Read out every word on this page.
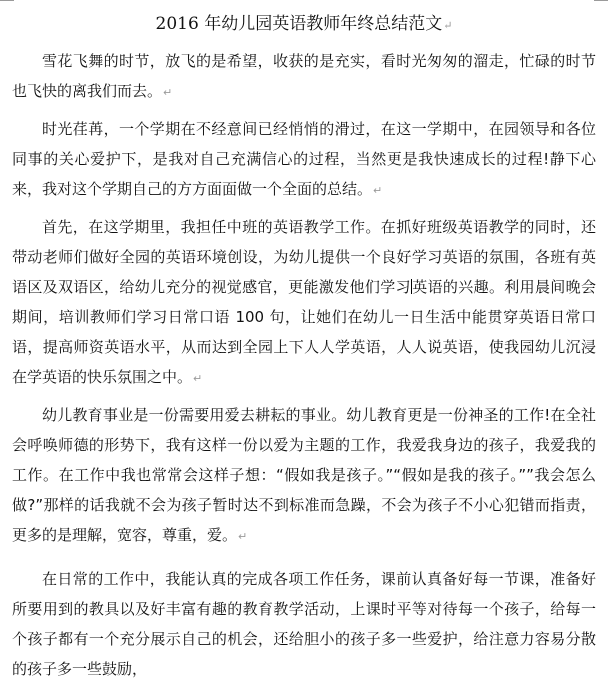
2016 年幼儿园英语教师年终总结范文↵

雪花飞舞的时节，放飞的是希望，收获的是充实，看时光匆匆的溜走，忙碌的时节也飞快的离我们而去。↵

时光荏苒，一个学期在不经意间已经悄悄的滑过，在这一学期中，在园领导和各位同事的关心爱护下，是我对自己充满信心的过程，当然更是我快速成长的过程!静下心来，我对这个学期自己的方方面面做一个全面的总结。↵

首先，在这学期里，我担任中班的英语教学工作。在抓好班级英语教学的同时，还带动老师们做好全园的英语环境创设，为幼儿提供一个良好学习英语的氛围，各班有英语区及双语区，给幼儿充分的视觉感官，更能激发他们学习英语的兴趣。利用晨间晚会期间，培训教师们学习日常口语 100 句，让她们在幼儿一日生活中能贯穿英语日常口语，提高师资英语水平，从而达到全园上下人人学英语，人人说英语，使我园幼儿沉浸在学英语的快乐氛围之中。↵

幼儿教育事业是一份需要用爱去耕耘的事业。幼儿教育更是一份神圣的工作!在全社会呼唤师德的形势下，我有这样一份以爱为主题的工作，我爱我身边的孩子，我爱我的工作。在工作中我也常常会这样子想：“假如我是孩子。”“假如是我的孩子。””我会怎么做?”那样的话我就不会为孩子暂时达不到标准而急躁，不会为孩子不小心犯错而指责，更多的是理解，宽容，尊重，爱。↵

在日常的工作中，我能认真的完成各项工作任务，课前认真备好每一节课，准备好所要用到的教具以及好丰富有趣的教育教学活动，上课时平等对待每一个孩子，给每一个孩子都有一个充分展示自己的机会，还给胆小的孩子多一些爱护，给注意力容易分散的孩子多一些鼓励，
